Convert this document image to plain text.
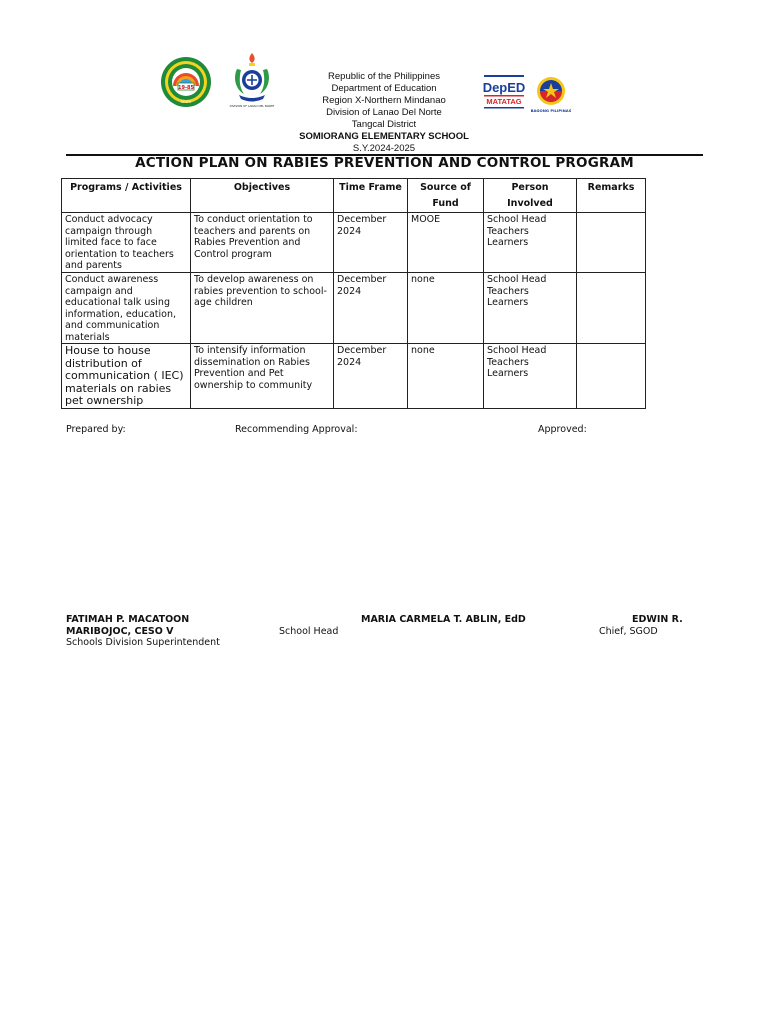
19-85
SESMI
DIVISION OF LANAO DEL NORTE
DepED
MATATAG
BAGONG PILIPINAS
Republic of the Philippines
Department of Education
Region X-Northern Mindanao
Division of Lanao Del Norte
Tangcal District
SOMIORANG ELEMENTARY SCHOOL
S.Y.2024-2025
ACTION PLAN ON RABIES PREVENTION AND CONTROL PROGRAM
Programs / Activities	Objectives	Time Frame	Source of Fund	Person Involved	Remarks
Conduct advocacy campaign through limited face to face orientation to teachers and parents	To conduct orientation to teachers and parents on Rabies Prevention and Control program	December 2024	MOOE	School Head
Teachers
Learners	

Conduct awareness campaign and educational talk using information, education, and communication materials	To develop awareness on rabies prevention to school-age children	December 2024	none	School Head
Teachers
Learners	

House to house distribution of communication ( IEC) materials on rabies pet ownership	To intensify information dissemination on Rabies Prevention and Pet ownership to community	December 2024	none	School Head
Teachers
Learners	

Prepared by:	Recommending Approval:	Approved:
FATIMAH P. MACATOON
MARIBOJOC, CESO V	School Head
Schools Division Superintendent
MARIA CARMELA T. ABLIN, EdD	EDWIN R.
Chief, SGOD
